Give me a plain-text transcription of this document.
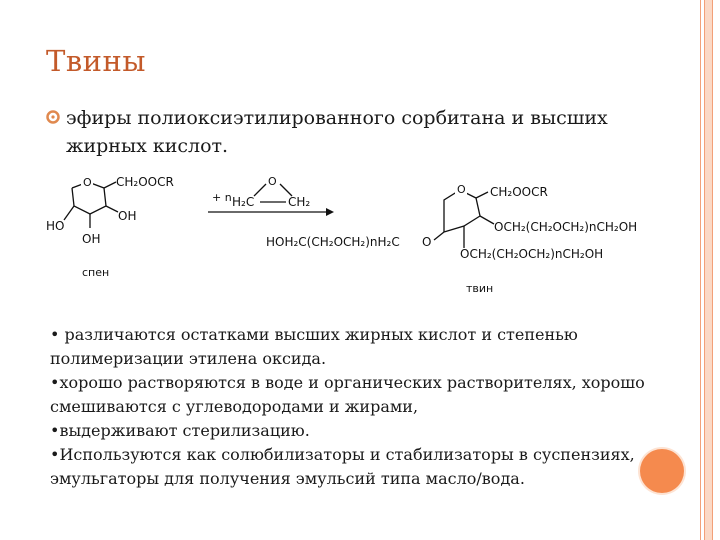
Твины
эфиры полиоксиэтилированного сорбитана и высших жирных кислот.
O CH₂OOCR
OH
HO
OH
спен
+ n H₂C	CH₂
O
HOH₂C(CH₂OCH₂)nH₂C O
O CH₂OOCR
OCH₂(CH₂OCH₂)nCH₂OH
OCH₂(CH₂OCH₂)nCH₂OH
твин

• различаются остатками высших жирных кислот и степенью полимеризации этилена оксида.

•хорошо растворяются в воде и органических растворителях, хорошо смешиваются с углеводородами и жирами,

•выдерживают стерилизацию.

•Используются как солюбилизаторы и стабилизаторы в суспензиях, эмульгаторы для получения эмульсий типа масло/вода.
